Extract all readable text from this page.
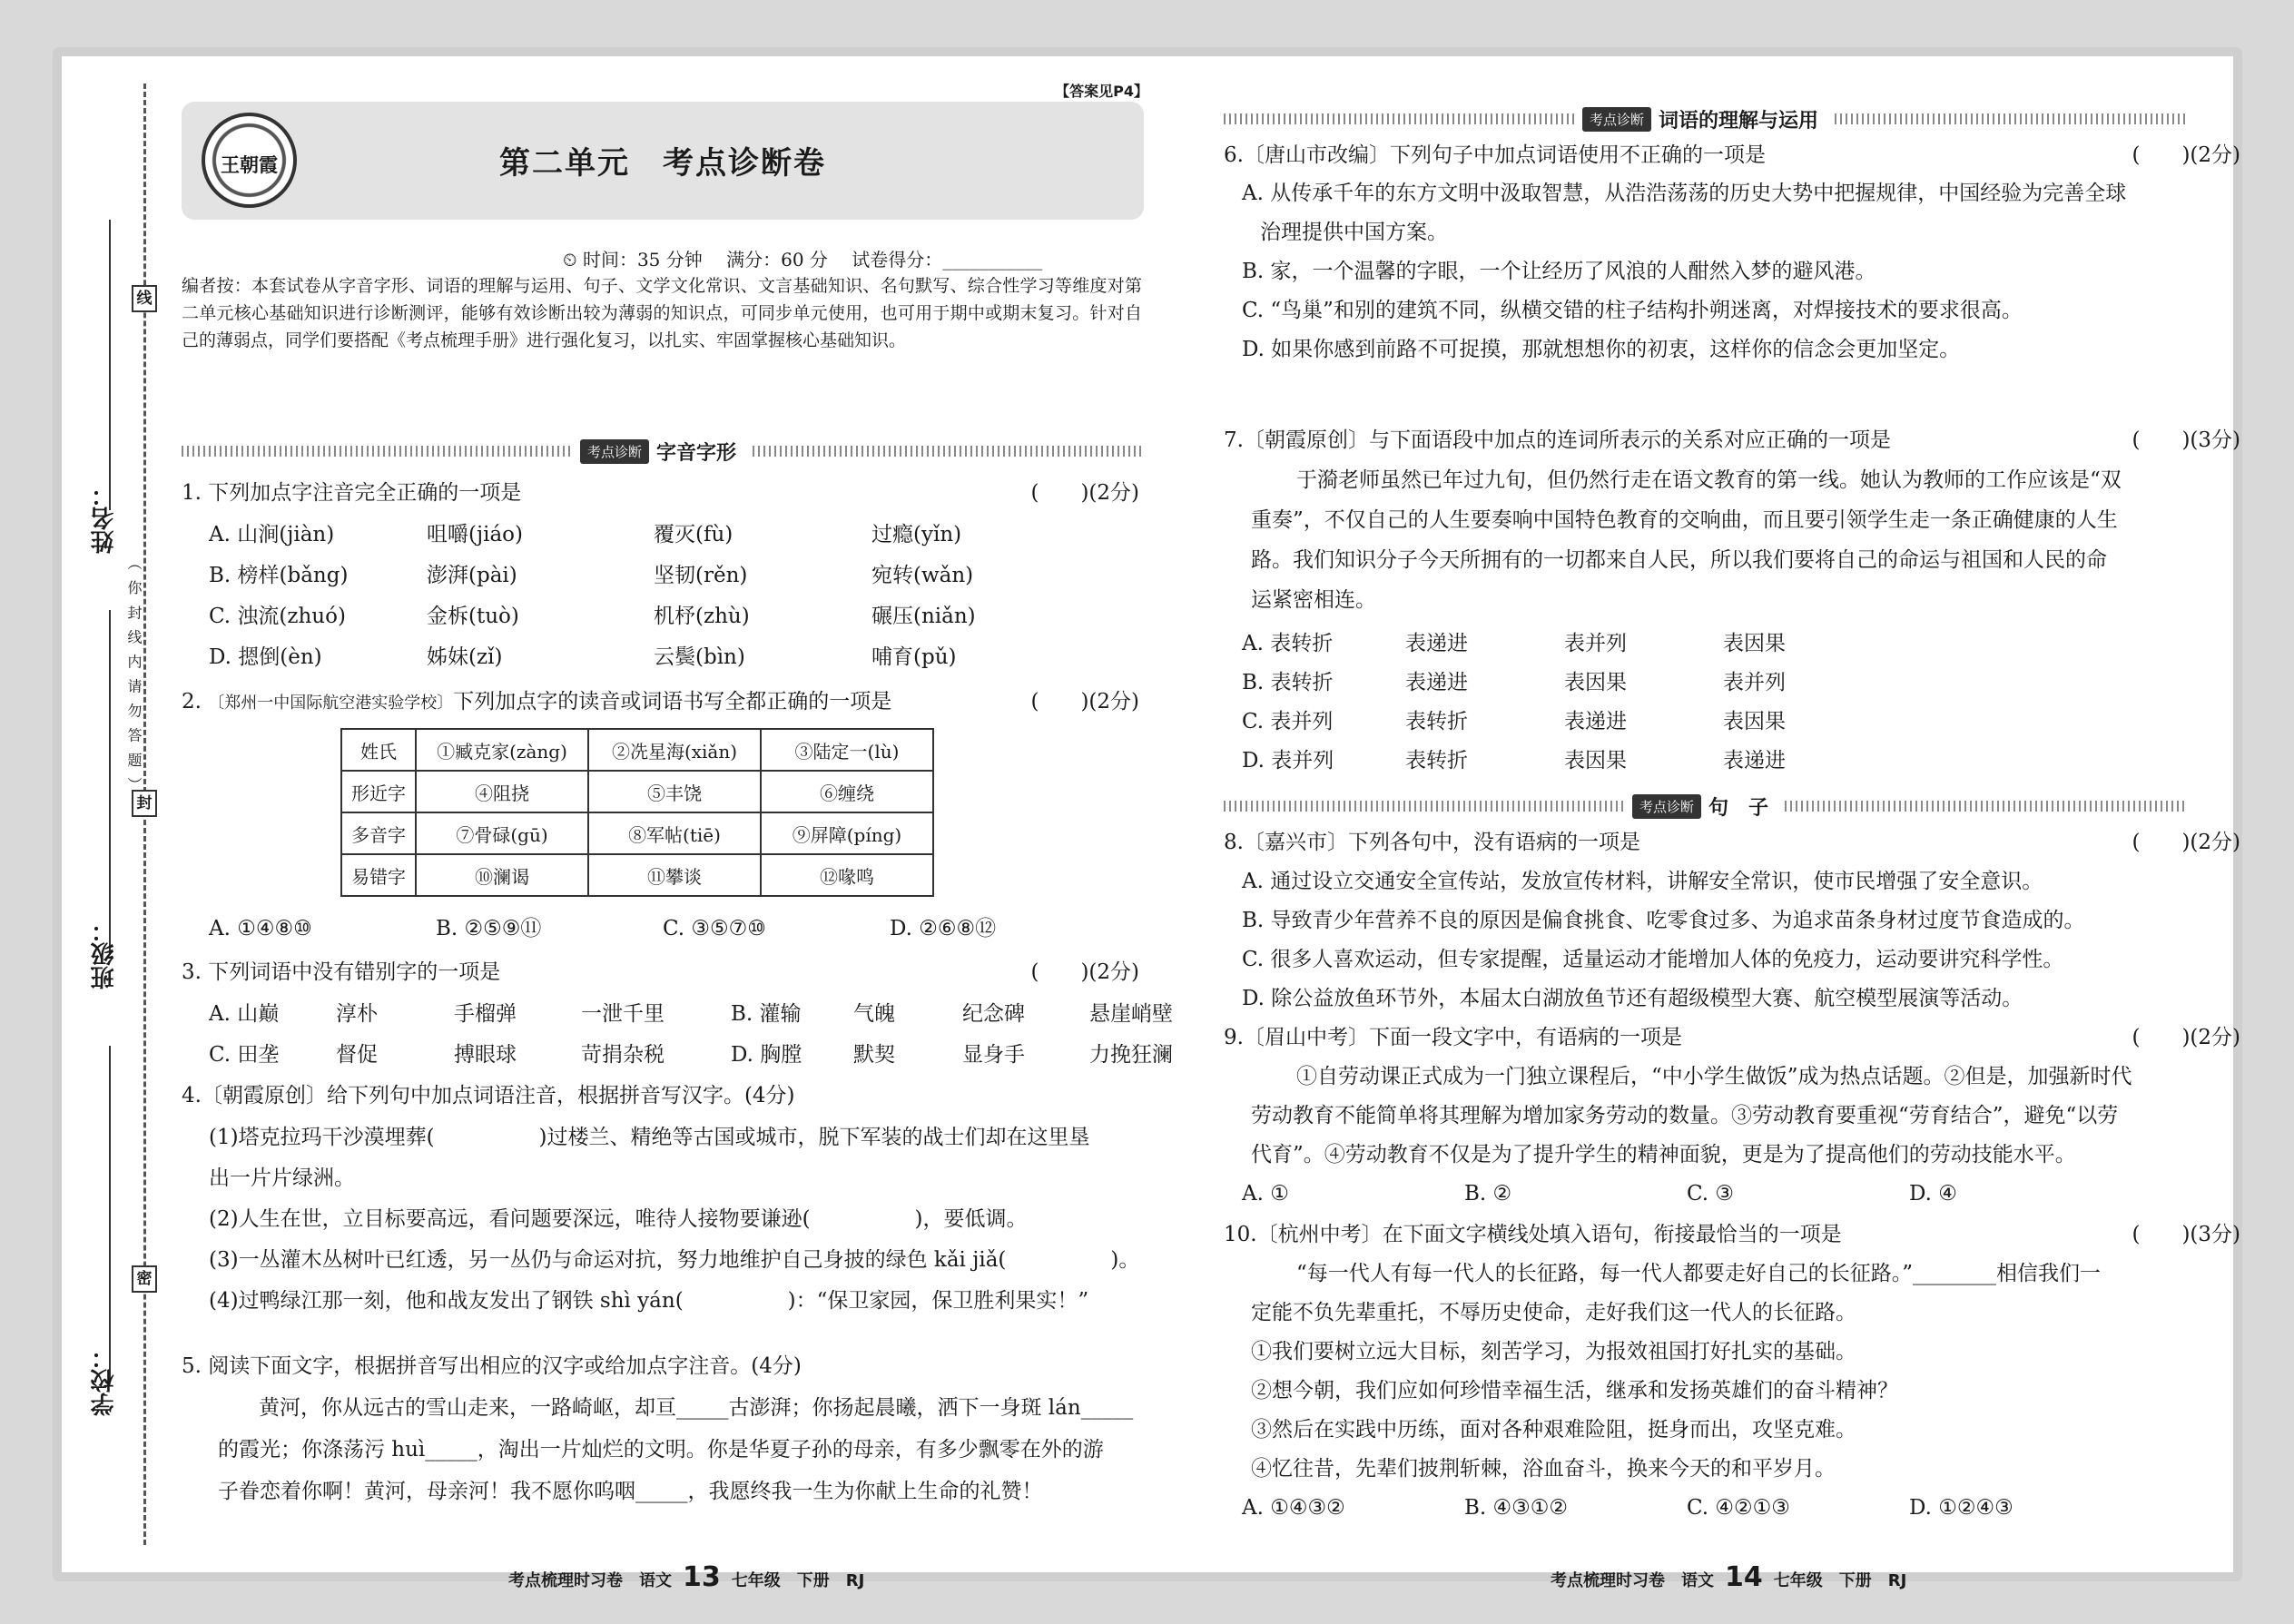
线
封
密
姓名：
班级：
学校：
（ 你 封 线 内 请 勿 答 题 ）
【答案见P4】
王朝霞	第二单元　考点诊断卷
⏲ 时间：35 分钟　 满分：60 分　 试卷得分：___________
编者按：本套试卷从字音字形、词语的理解与运用、句子、文学文化常识、文言基础知识、名句默写、综合性学习等维度对第二单元核心基础知识进行诊断测评，能够有效诊断出较为薄弱的知识点，可同步单元使用，也可用于期中或期末复习。针对自己的薄弱点，同学们要搭配《考点梳理手册》进行强化复习，以扎实、牢固掌握核心基础知识。
考点诊断 字音字形
1. 下列加点字注音完全正确的一项是	(　　)(2分)
A. 山涧(jiàn)	咀嚼(jiáo)	覆灭(fù)	过瘾(yǐn)
B. 榜样(bǎng)	澎湃(pài)	坚韧(rěn)	宛转(wǎn)
C. 浊流(zhuó)	金柝(tuò)	机杼(zhù)	碾压(niǎn)
D. 摁倒(èn)	姊妹(zǐ)	云鬓(bìn)	哺育(pǔ)
2. 〔郑州一中国际航空港实验学校〕下列加点字的读音或词语书写全都正确的一项是	(　　)(2分)
姓氏	①臧克家(zàng)	②冼星海(xiǎn)	③陆定一(lù)
形近字	④阻挠	⑤丰饶	⑥缠绕
多音字	⑦骨碌(gū)	⑧军帖(tiē)	⑨屏障(píng)
易错字	⑩澜谒	⑪攀谈	⑫喙鸣
A. ①④⑧⑩	B. ②⑤⑨⑪	C. ③⑤⑦⑩	D. ②⑥⑧⑫
3. 下列词语中没有错别字的一项是	(　　)(2分)
A. 山巅	淳朴	手榴弹	一泄千里	B. 灌输 气魄	纪念碑	悬崖峭壁
C. 田垄	督促	搏眼球	苛捐杂税	D. 胸膛 默契	显身手	力挽狂澜
4.〔朝霞原创〕给下列句中加点词语注音，根据拼音写汉字。(4分)
(1)塔克拉玛干沙漠埋葬(　　　　　)过楼兰、精绝等古国或城市，脱下军装的战士们却在这里垦
出一片片绿洲。
(2)人生在世，立目标要高远，看问题要深远，唯待人接物要谦逊(　　　　　)，要低调。
(3)一丛灌木丛树叶已红透，另一丛仍与命运对抗，努力地维护自己身披的绿色 kǎi jiǎ(　　　　　)。
(4)过鸭绿江那一刻，他和战友发出了钢铁 shì yán(　　　　　)：“保卫家园，保卫胜利果实！”
5. 阅读下面文字，根据拼音写出相应的汉字或给加点字注音。(4分)
黄河，你从远古的雪山走来，一路崎岖，却亘_____古澎湃；你扬起晨曦，洒下一身斑 lán_____
的霞光；你涤荡污 huì_____，淘出一片灿烂的文明。你是华夏子孙的母亲，有多少飘零在外的游
子眷恋着你啊！黄河，母亲河！我不愿你呜咽_____，我愿终我一生为你献上生命的礼赞！
考点梳理时习卷　语文 13 七年级　下册　RJ
考点诊断 词语的理解与运用
6.〔唐山市改编〕下列句子中加点词语使用不正确的一项是	(　　)(2分)
A. 从传承千年的东方文明中汲取智慧，从浩浩荡荡的历史大势中把握规律，中国经验为完善全球
治理提供中国方案。
B. 家，一个温馨的字眼，一个让经历了风浪的人酣然入梦的避风港。
C. “鸟巢”和别的建筑不同，纵横交错的柱子结构扑朔迷离，对焊接技术的要求很高。
D. 如果你感到前路不可捉摸，那就想想你的初衷，这样你的信念会更加坚定。
7.〔朝霞原创〕与下面语段中加点的连词所表示的关系对应正确的一项是	(　　)(3分)
于漪老师虽然已年过九旬，但仍然行走在语文教育的第一线。她认为教师的工作应该是“双
重奏”，不仅自己的人生要奏响中国特色教育的交响曲，而且要引领学生走一条正确健康的人生
路。我们知识分子今天所拥有的一切都来自人民，所以我们要将自己的命运与祖国和人民的命
运紧密相连。
A. 表转折	表递进	表并列	表因果
B. 表转折	表递进	表因果	表并列
C. 表并列	表转折	表递进	表因果
D. 表并列	表转折	表因果	表递进
考点诊断 句　子
8.〔嘉兴市〕下列各句中，没有语病的一项是	(　　)(2分)
A. 通过设立交通安全宣传站，发放宣传材料，讲解安全常识，使市民增强了安全意识。
B. 导致青少年营养不良的原因是偏食挑食、吃零食过多、为追求苗条身材过度节食造成的。
C. 很多人喜欢运动，但专家提醒，适量运动才能增加人体的免疫力，运动要讲究科学性。
D. 除公益放鱼环节外，本届太白湖放鱼节还有超级模型大赛、航空模型展演等活动。
9.〔眉山中考〕下面一段文字中，有语病的一项是	(　　)(2分)
①自劳动课正式成为一门独立课程后，“中小学生做饭”成为热点话题。②但是，加强新时代
劳动教育不能简单将其理解为增加家务劳动的数量。③劳动教育要重视“劳育结合”，避免“以劳
代育”。④劳动教育不仅是为了提升学生的精神面貌，更是为了提高他们的劳动技能水平。
A. ①	B. ②	C. ③	D. ④
10.〔杭州中考〕在下面文字横线处填入语句，衔接最恰当的一项是	(　　)(3分)
“每一代人有每一代人的长征路，每一代人都要走好自己的长征路。”________相信我们一
定能不负先辈重托，不辱历史使命，走好我们这一代人的长征路。
①我们要树立远大目标，刻苦学习，为报效祖国打好扎实的基础。
②想今朝，我们应如何珍惜幸福生活，继承和发扬英雄们的奋斗精神？
③然后在实践中历练，面对各种艰难险阻，挺身而出，攻坚克难。
④忆往昔，先辈们披荆斩棘，浴血奋斗，换来今天的和平岁月。
A. ①④③②	B. ④③①②	C. ④②①③	D. ①②④③
考点梳理时习卷　语文 14 七年级　下册　RJ
